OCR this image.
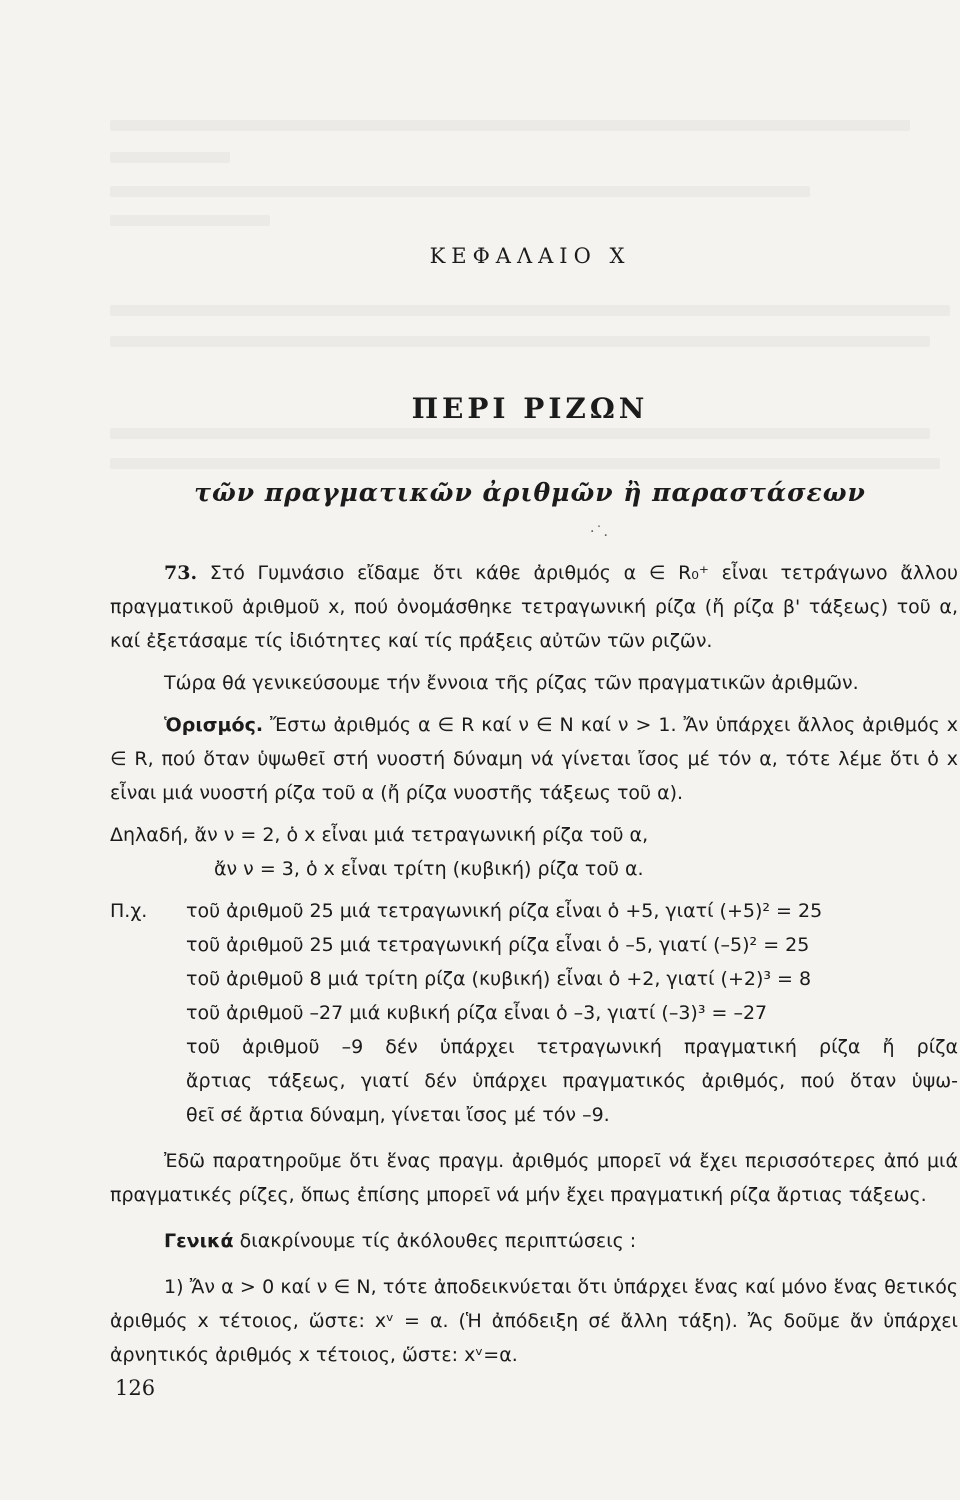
ΚΕΦΑΛΑΙΟ Χ
ΠΕΡΙ ΡΙΖΩΝ
τῶν πραγματικῶν ἀριθμῶν ἢ παραστάσεων
·˙.

73. Στό Γυμνάσιο εἴδαμε ὅτι κάθε ἀριθμός α ∈ R₀⁺ εἶναι τετράγωνο ἄλλου πραγματικοῦ ἀριθμοῦ x, πού ὀνομάσθηκε τετραγωνική ρίζα (ἤ ρίζα β' τάξεως) τοῦ α, καί ἐξετάσαμε τίς ἰδιότητες καί τίς πράξεις αὐτῶν τῶν ριζῶν.

Τώρα θά γενικεύσουμε τήν ἔννοια τῆς ρίζας τῶν πραγματικῶν ἀριθμῶν.

Ὁρισμός. Ἔστω ἀριθμός α ∈ R καί ν ∈ N καί ν > 1. Ἄν ὑπάρχει ἄλλος ἀριθμός x ∈ R, πού ὅταν ὑψωθεῖ στή νυοστή δύναμη νά γίνεται ἴσος μέ τόν α, τότε λέμε ὅτι ὁ x εἶναι μιά νυοστή ρίζα τοῦ α (ἤ ρίζα νυοστῆς τάξεως τοῦ α).

Δηλαδή, ἄν ν = 2, ὁ x εἶναι μιά τετραγωνική ρίζα τοῦ α,
ἄν ν = 3, ὁ x εἶναι τρίτη (κυβική) ρίζα τοῦ α.

Π.χ.	τοῦ ἀριθμοῦ 25 μιά τετραγωνική ρίζα εἶναι ὁ +5, γιατί (+5)² = 25
τοῦ ἀριθμοῦ 25 μιά τετραγωνική ρίζα εἶναι ὁ –5, γιατί (–5)² = 25
τοῦ ἀριθμοῦ 8 μιά τρίτη ρίζα (κυβική) εἶναι ὁ +2, γιατί (+2)³ = 8
τοῦ ἀριθμοῦ –27 μιά κυβική ρίζα εἶναι ὁ –3, γιατί (–3)³ = –27
τοῦ ἀριθμοῦ –9 δέν ὑπάρχει τετραγωνική πραγματική ρίζα ἤ ρίζα
ἄρτιας τάξεως, γιατί δέν ὑπάρχει πραγματικός ἀριθμός, πού ὅταν ὑψω-
θεῖ σέ ἄρτια δύναμη, γίνεται ἴσος μέ τόν –9.

Ἐδῶ παρατηροῦμε ὅτι ἕνας πραγμ. ἀριθμός μπορεῖ νά ἔχει περισσότερες ἀπό μιά πραγματικές ρίζες, ὅπως ἐπίσης μπορεῖ νά μήν ἔχει πραγματική ρίζα ἄρτιας τάξεως.

Γενικά διακρίνουμε τίς ἀκόλουθες περιπτώσεις :

1) Ἄν α > 0 καί ν ∈ N, τότε ἀποδεικνύεται ὅτι ὑπάρχει ἕνας καί μόνο ἕνας θετικός ἀριθμός x τέτοιος, ὥστε: xᵛ = α. (Ἡ ἀπόδειξη σέ ἄλλη τάξη). Ἄς δοῦμε ἄν ὑπάρχει ἀρνητικός ἀριθμός x τέτοιος, ὥστε: xᵛ=α.

126
